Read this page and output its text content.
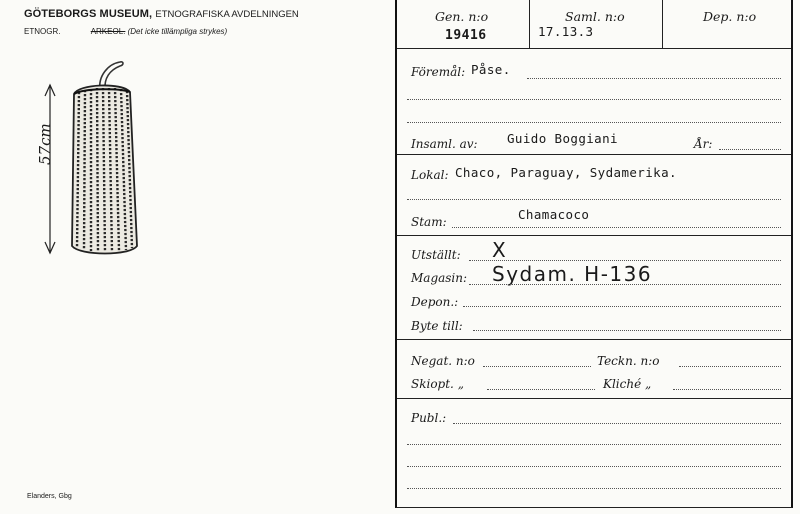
GÖTEBORGS MUSEUM, ETNOGRAFISKA AVDELNINGEN
ETNOGR.	ARKEOL. (Det icke tillämpliga strykes)
57cm
Elanders, Gbg
Gen. n:o
19416
Saml. n:o
17.13.3
Dep. n:o
Föremål: Påse.
Insaml. av: Guido Boggiani	År:
Lokal: Chaco, Paraguay, Sydamerika.
Stam:	Chamacoco
Utställt: X
Magasin: Sydam. H-136
Depon.:
Byte till:
Negat. n:o	Teckn. n:o
Skiopt. „	Kliché „
Publ.:
